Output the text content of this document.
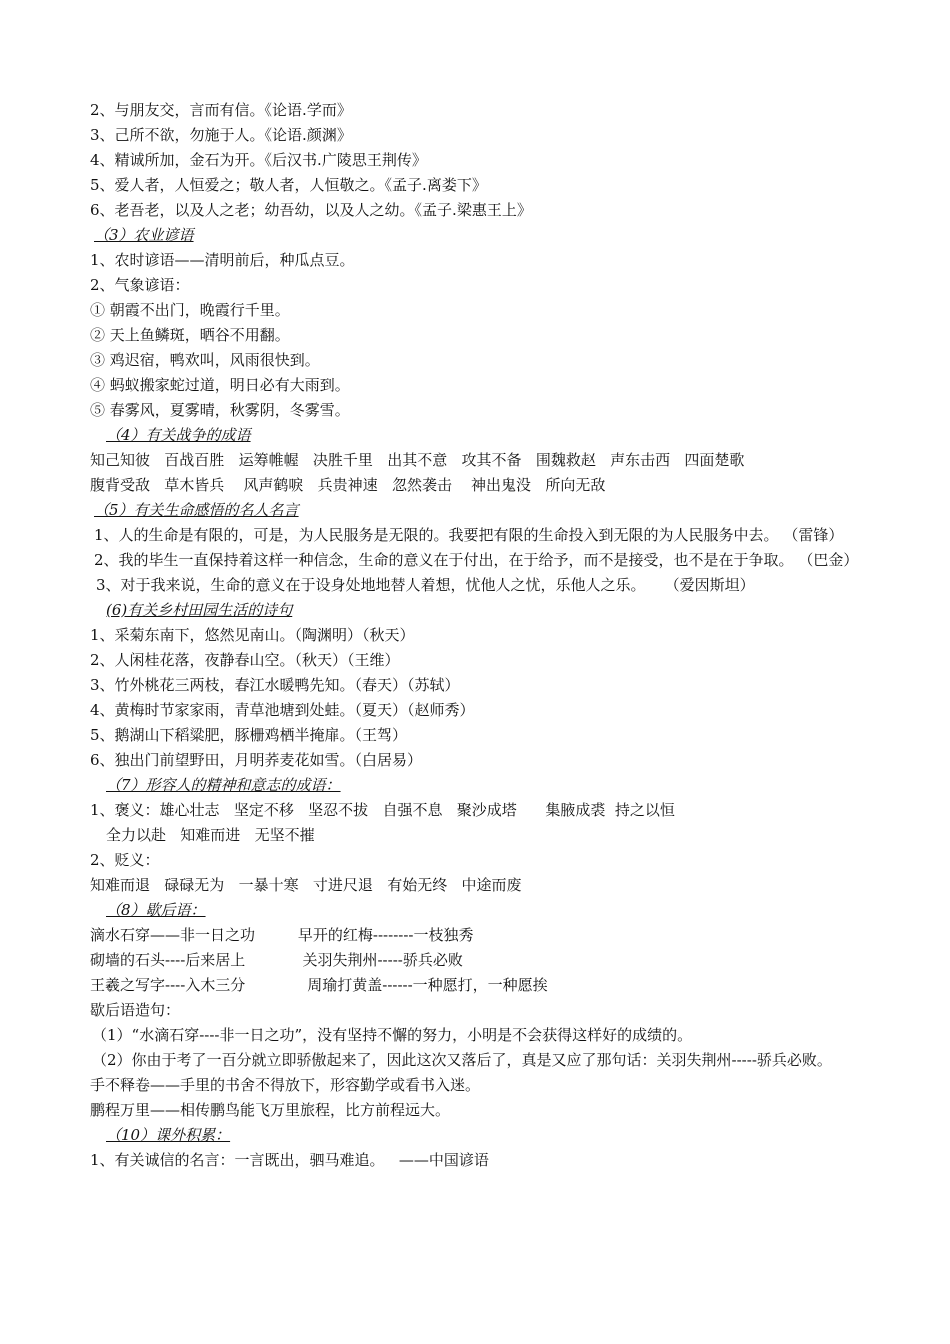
2、与朋友交，言而有信。《论语.学而》
3、己所不欲，勿施于人。《论语.颜渊》
4、精诚所加，金石为开。《后汉书.广陵思王荆传》
5、爱人者，人恒爱之；敬人者，人恒敬之。《孟子.离娄下》
6、老吾老，以及人之老；幼吾幼，以及人之幼。《孟子.梁惠王上》
（3）农业谚语
1、农时谚语——清明前后，种瓜点豆。
2、气象谚语：
① 朝霞不出门，晚霞行千里。
② 天上鱼鳞斑，晒谷不用翻。
③ 鸡迟宿，鸭欢叫，风雨很快到。
④ 蚂蚁搬家蛇过道，明日必有大雨到。
⑤ 春雾风，夏雾晴，秋雾阴，冬雾雪。
（4）有关战争的成语
知己知彼   百战百胜   运筹帷幄   决胜千里   出其不意   攻其不备   围魏救赵   声东击西   四面楚歌
腹背受敌   草木皆兵    风声鹤唳   兵贵神速   忽然袭击    神出鬼没   所向无敌
（5）有关生命感悟的名人名言
1、人的生命是有限的，可是，为人民服务是无限的。我要把有限的生命投入到无限的为人民服务中去。 （雷锋）
2、我的毕生一直保持着这样一种信念，生命的意义在于付出，在于给予，而不是接受，也不是在于争取。 （巴金）
3、对于我来说，生命的意义在于设身处地地替人着想，忧他人之忧，乐他人之乐。    （爱因斯坦）
(6)有关乡村田园生活的诗句
1、采菊东南下，悠然见南山。（陶渊明）（秋天）
2、人闲桂花落，夜静春山空。（秋天）（王维）
3、竹外桃花三两枝，春江水暖鸭先知。（春天）（苏轼）
4、黄梅时节家家雨，青草池塘到处蛙。（夏天）（赵师秀）
5、鹅湖山下稻粱肥，豚栅鸡栖半掩扉。（王驾）
6、独出门前望野田，月明荞麦花如雪。（白居易）
（7）形容人的精神和意志的成语：
1、褒义：雄心壮志   坚定不移   坚忍不拔   自强不息   聚沙成塔      集腋成裘  持之以恒
全力以赴   知难而进   无坚不摧
2、贬义：
知难而退   碌碌无为   一暴十寒   寸进尺退   有始无终   中途而废
（8）歇后语：
滴水石穿——非一日之功         早开的红梅--------一枝独秀
砌墙的石头----后来居上            关羽失荆州-----骄兵必败
王羲之写字----入木三分             周瑜打黄盖------一种愿打，一种愿挨
歇后语造句：
（1）“水滴石穿----非一日之功”，没有坚持不懈的努力，小明是不会获得这样好的成绩的。
（2）你由于考了一百分就立即骄傲起来了，因此这次又落后了，真是又应了那句话：关羽失荆州-----骄兵必败。
手不释卷——手里的书舍不得放下，形容勤学或看书入迷。
鹏程万里——相传鹏鸟能飞万里旅程，比方前程远大。
（10）课外积累：
1、有关诚信的名言：一言既出，驷马难追。   ——中国谚语
